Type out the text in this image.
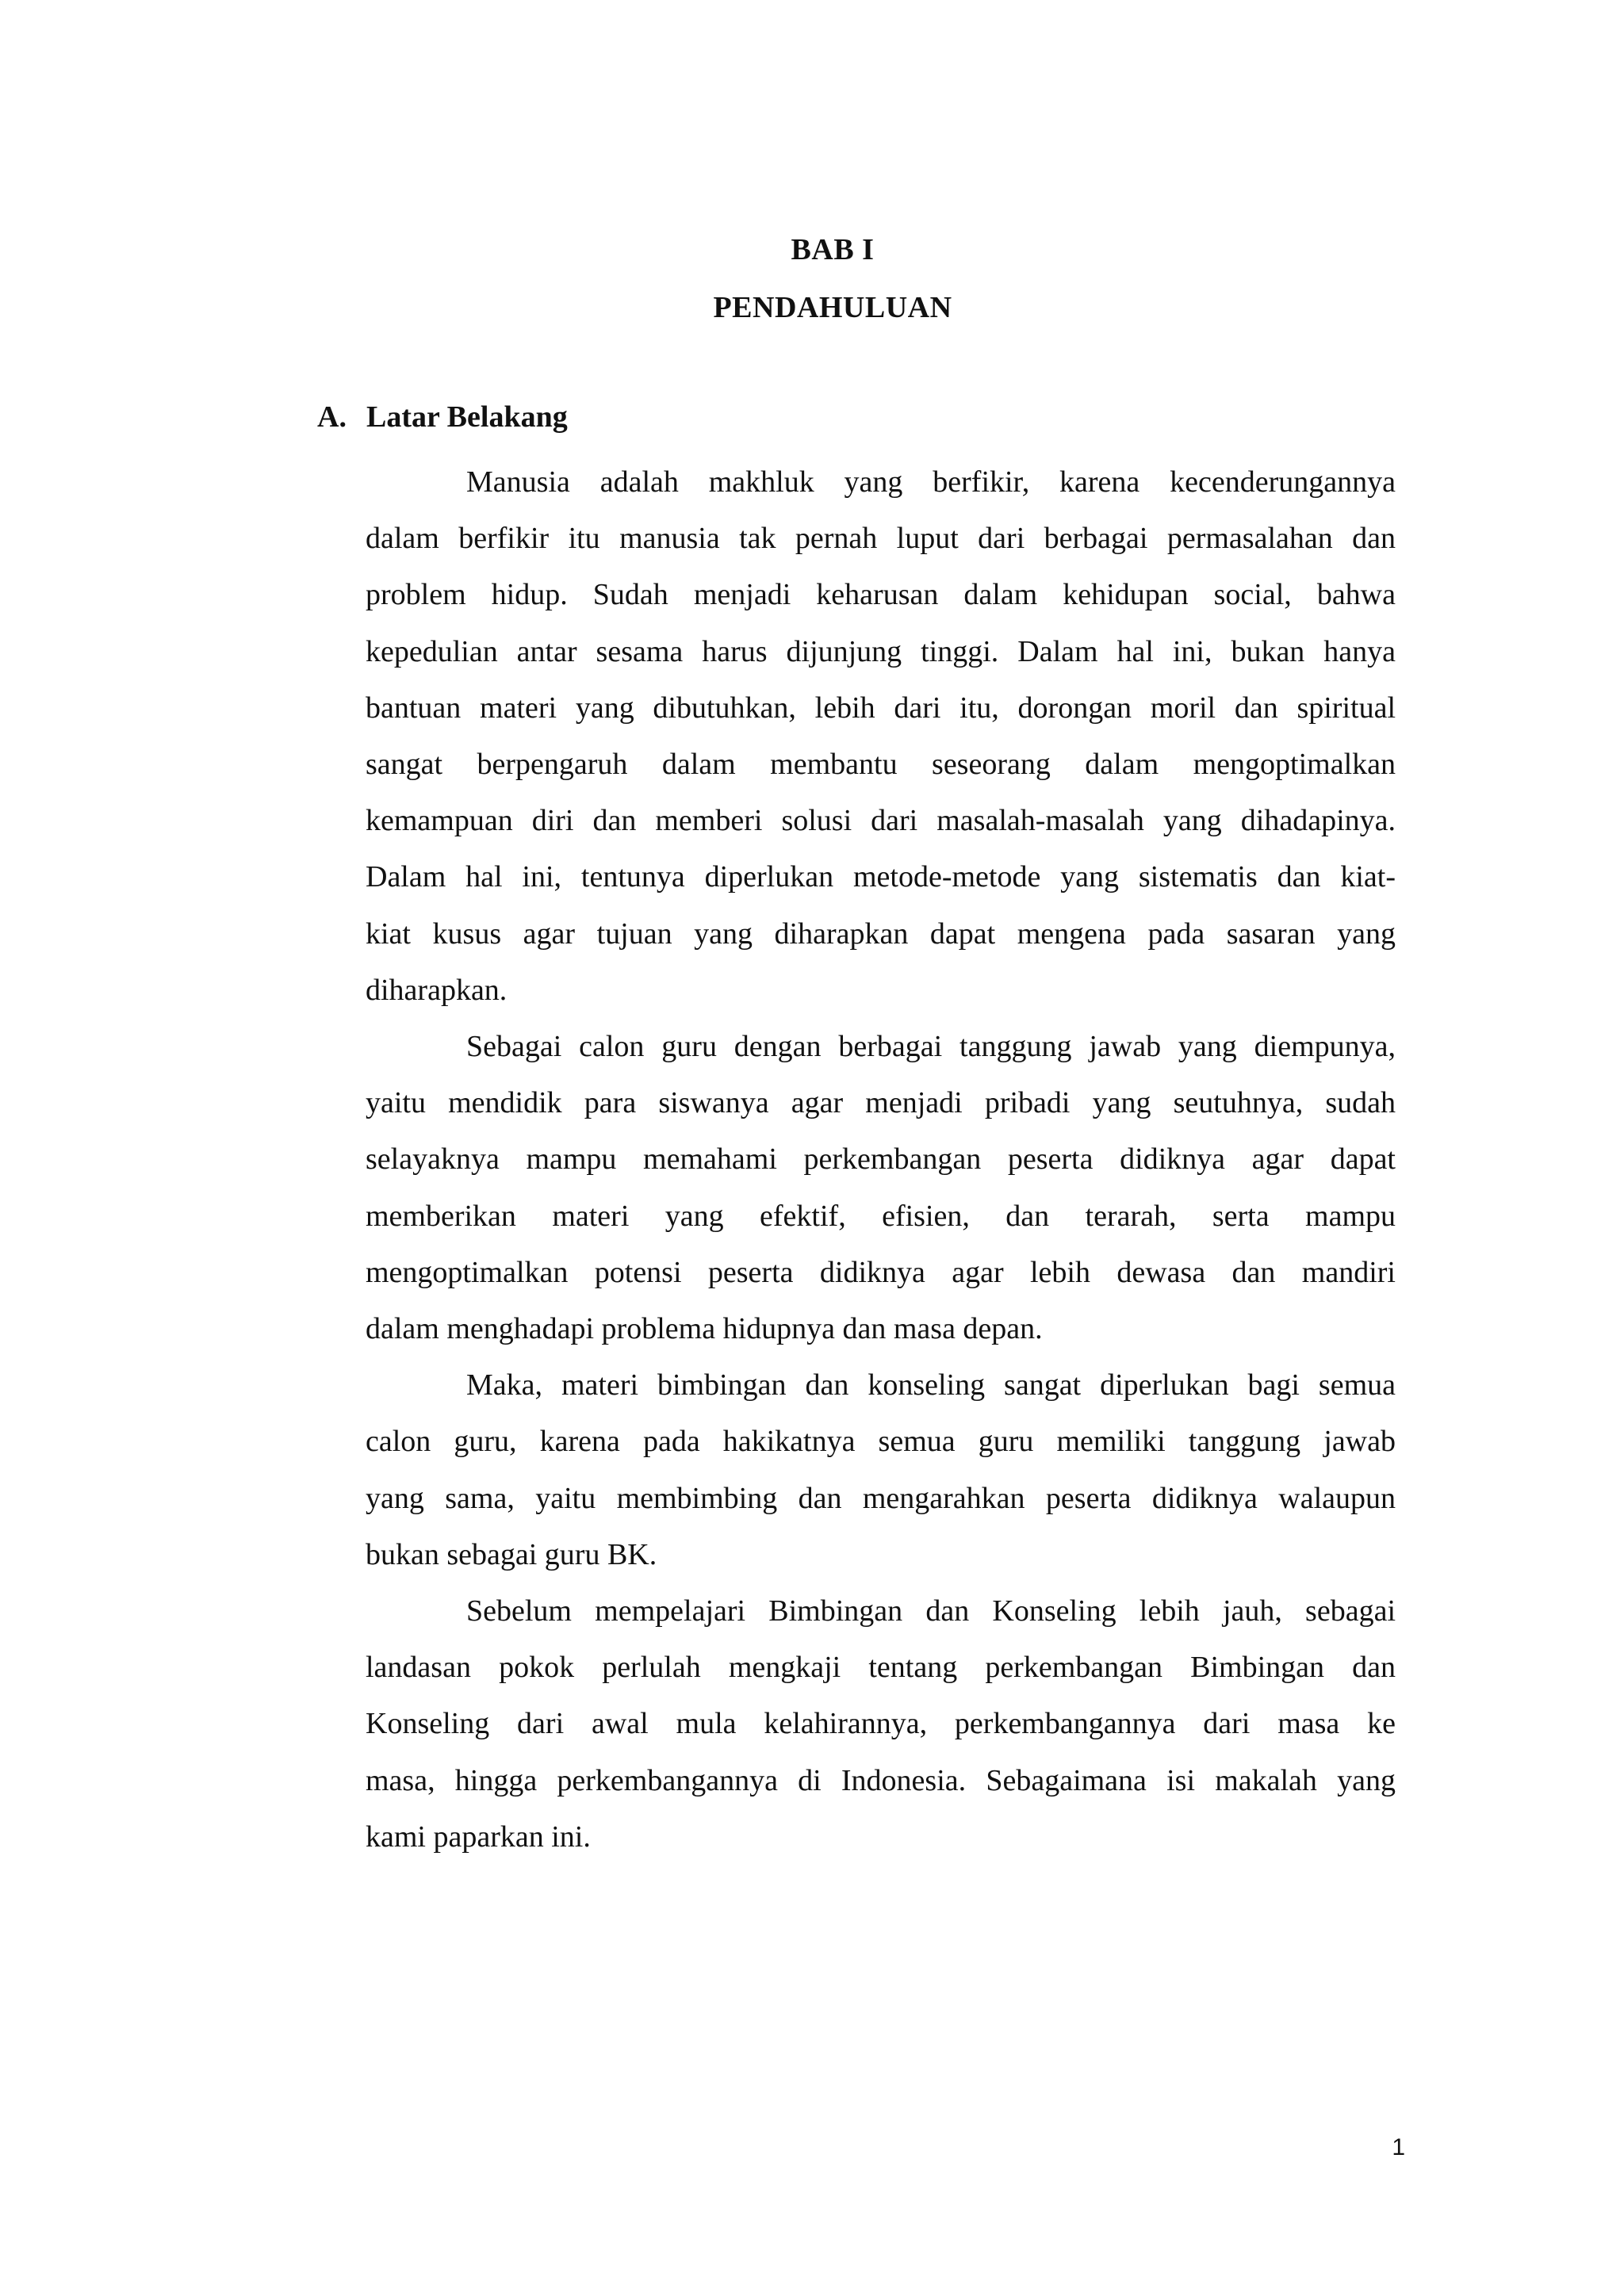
BAB I
PENDAHULUAN
A. Latar Belakang
Manusia adalah makhluk yang berfikir, karena kecenderungannya
dalam berfikir itu manusia tak pernah luput dari berbagai permasalahan dan
problem hidup. Sudah menjadi keharusan dalam kehidupan social, bahwa
kepedulian antar sesama harus dijunjung tinggi. Dalam hal ini, bukan hanya
bantuan materi yang dibutuhkan, lebih dari itu, dorongan moril dan spiritual
sangat berpengaruh dalam membantu seseorang dalam mengoptimalkan
kemampuan diri dan memberi solusi dari masalah-masalah yang dihadapinya.
Dalam hal ini, tentunya diperlukan metode-metode yang sistematis dan kiat-
kiat kusus agar tujuan yang diharapkan dapat mengena pada sasaran yang
diharapkan.
Sebagai calon guru dengan berbagai tanggung jawab yang diempunya,
yaitu mendidik para siswanya agar menjadi pribadi yang seutuhnya, sudah
selayaknya mampu memahami perkembangan peserta didiknya agar dapat
memberikan materi yang efektif, efisien, dan terarah, serta mampu
mengoptimalkan potensi peserta didiknya agar lebih dewasa dan mandiri
dalam menghadapi problema hidupnya dan masa depan.
Maka, materi bimbingan dan konseling sangat diperlukan bagi semua
calon guru, karena pada hakikatnya semua guru memiliki tanggung jawab
yang sama, yaitu membimbing dan mengarahkan peserta didiknya walaupun
bukan sebagai guru BK.
Sebelum mempelajari Bimbingan dan Konseling lebih jauh, sebagai
landasan pokok perlulah mengkaji tentang perkembangan Bimbingan dan
Konseling dari awal mula kelahirannya, perkembangannya dari masa ke
masa, hingga perkembangannya di Indonesia. Sebagaimana isi makalah yang
kami paparkan ini.
1
